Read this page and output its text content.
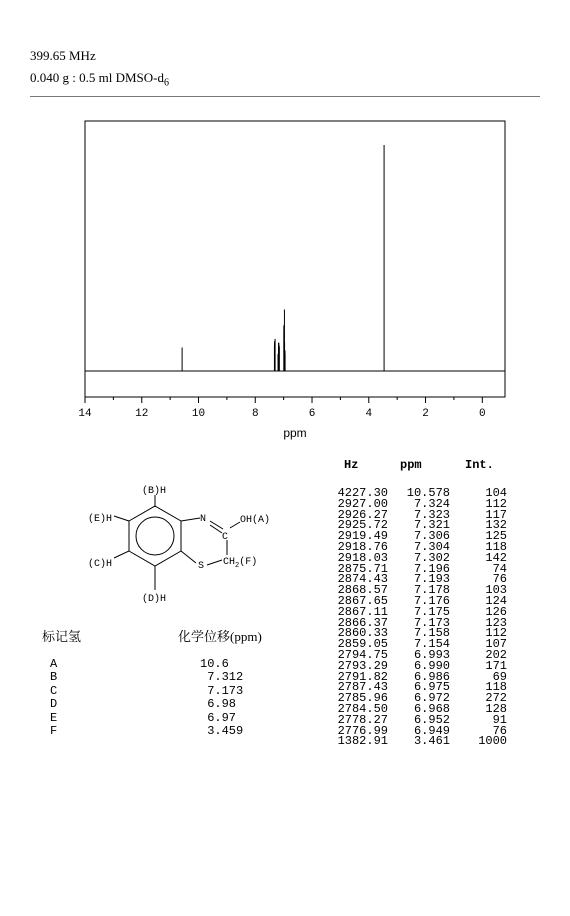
399.65 MHz
0.040 g : 0.5 ml DMSO-$d_6$
14	12	10	8	6	4	2	0
ppm
Hz	ppm	Int.
4227.30	10.578	104
2927.00	7.324	112
2926.27	7.323	117
2925.72	7.321	132
2919.49	7.306	125
2918.76	7.304	118
2918.03	7.302	142
2875.71	7.196	74
2874.43	7.193	76
2868.57	7.178	103
2867.65	7.176	124
2867.11	7.175	126
2866.37	7.173	123
2860.33	7.158	112
2859.05	7.154	107
2794.75	6.993	202
2793.29	6.990	171
2791.82	6.986	69
2787.43	6.975	118
2785.96	6.972	272
2784.50	6.968	128
2778.27	6.952	91
2776.99	6.949	76
1382.91	3.461	1000
(B)H
(E)H
(C)H
(D)H
N
C
OH(A)
S $CH_2(F)$
标记氢	化学位移(ppm)
A	10.6
B	7.312
C	7.173
D	6.98
E	6.97
F	3.459
